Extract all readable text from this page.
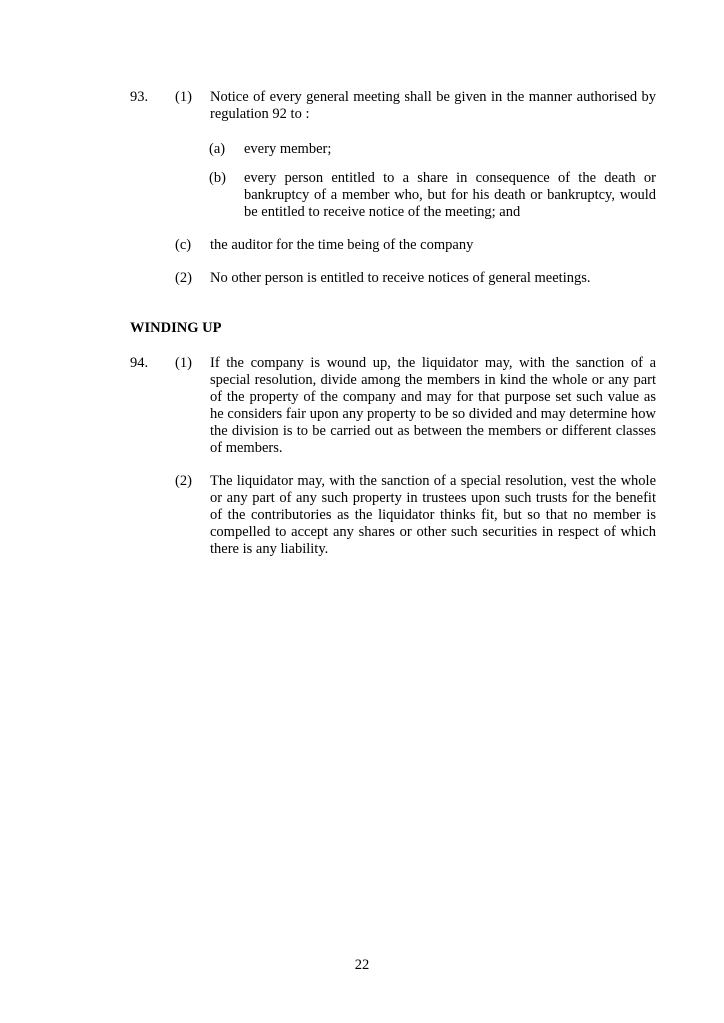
93. (1) Notice of every general meeting shall be given in the manner authorised by regulation 92 to :
(a) every member;
(b) every person entitled to a share in consequence of the death or bankruptcy of a member who, but for his death or bankruptcy, would be entitled to receive notice of the meeting; and
(c) the auditor for the time being of the company
(2) No other person is entitled to receive notices of general meetings.
WINDING UP
94. (1) If the company is wound up, the liquidator may, with the sanction of a special resolution, divide among the members in kind the whole or any part of the property of the company and may for that purpose set such value as he considers fair upon any property to be so divided and may determine how the division is to be carried out as between the members or different classes of members.
(2) The liquidator may, with the sanction of a special resolution, vest the whole or any part of any such property in trustees upon such trusts for the benefit of the contributories as the liquidator thinks fit, but so that no member is compelled to accept any shares or other such securities in respect of which there is any liability.
22
